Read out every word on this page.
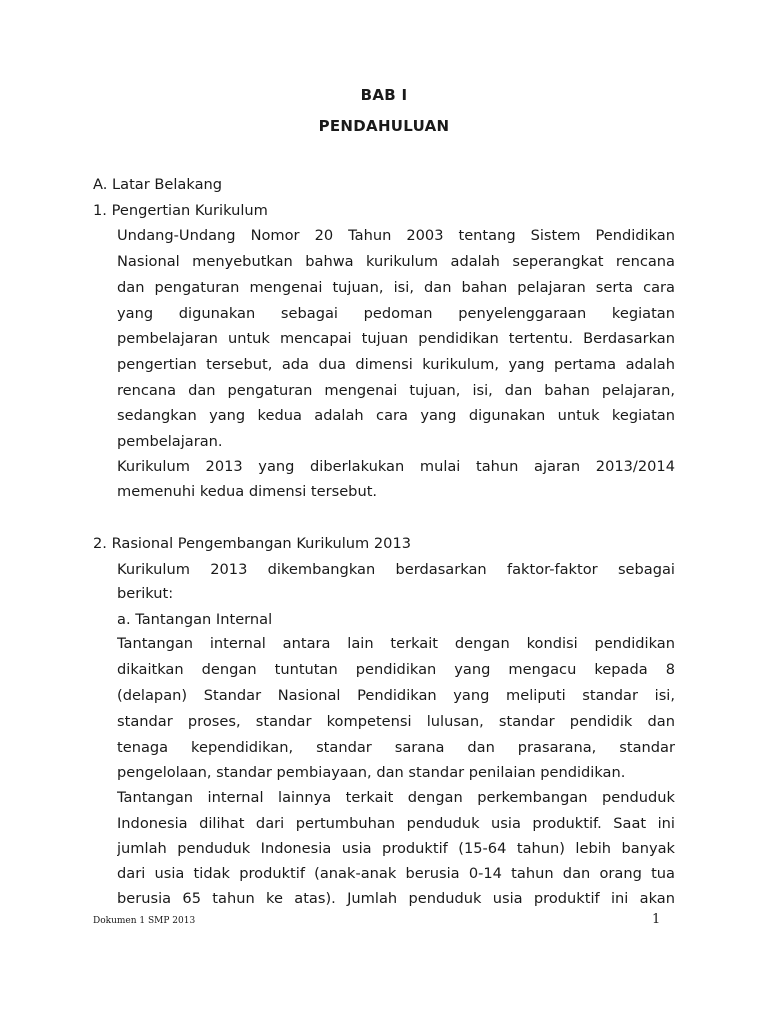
BAB I
PENDAHULUAN
A. Latar Belakang
1. Pengertian Kurikulum
Undang-Undang Nomor 20 Tahun 2003 tentang Sistem Pendidikan
Nasional menyebutkan bahwa kurikulum adalah seperangkat rencana
dan pengaturan mengenai tujuan, isi, dan bahan pelajaran serta cara
yang digunakan sebagai pedoman penyelenggaraan kegiatan
pembelajaran untuk mencapai tujuan pendidikan tertentu. Berdasarkan
pengertian tersebut, ada dua dimensi kurikulum, yang pertama adalah
rencana dan pengaturan mengenai tujuan, isi, dan bahan pelajaran,
sedangkan yang kedua adalah cara yang digunakan untuk kegiatan
pembelajaran.
Kurikulum 2013 yang diberlakukan mulai tahun ajaran 2013/2014
memenuhi kedua dimensi tersebut.
2. Rasional Pengembangan Kurikulum 2013
Kurikulum 2013 dikembangkan berdasarkan faktor-faktor sebagai
berikut:
a. Tantangan Internal
Tantangan internal antara lain terkait dengan kondisi pendidikan
dikaitkan dengan tuntutan pendidikan yang mengacu kepada 8
(delapan) Standar Nasional Pendidikan yang meliputi standar isi,
standar proses, standar kompetensi lulusan, standar pendidik dan
tenaga kependidikan, standar sarana dan prasarana, standar
pengelolaan, standar pembiayaan, dan standar penilaian pendidikan.
Tantangan internal lainnya terkait dengan perkembangan penduduk
Indonesia dilihat dari pertumbuhan penduduk usia produktif. Saat ini
jumlah penduduk Indonesia usia produktif (15-64 tahun) lebih banyak
dari usia tidak produktif (anak-anak berusia 0-14 tahun dan orang tua
berusia 65 tahun ke atas). Jumlah penduduk usia produktif ini akan
Dokumen 1 SMP 2013	1
